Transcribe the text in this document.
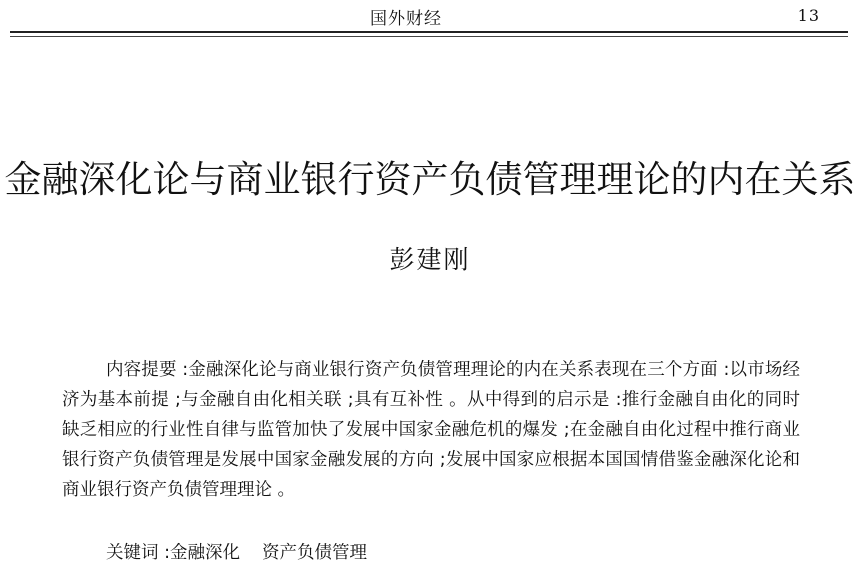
国外财经	13
金融深化论与商业银行资产负债管理理论的内在关系
彭建刚

内容提要 :金融深化论与商业银行资产负债管理理论的内在关系表现在三个方面 :以市场经济为基本前提 ;与金融自由化相关联 ;具有互补性 。从中得到的启示是 :推行金融自由化的同时缺乏相应的行业性自律与监管加快了发展中国家金融危机的爆发 ;在金融自由化过程中推行商业银行资产负债管理是发展中国家金融发展的方向 ;发展中国家应根据本国国情借鉴金融深化论和商业银行资产负债管理理论 。

关键词 :金融深化 资产负债管理
